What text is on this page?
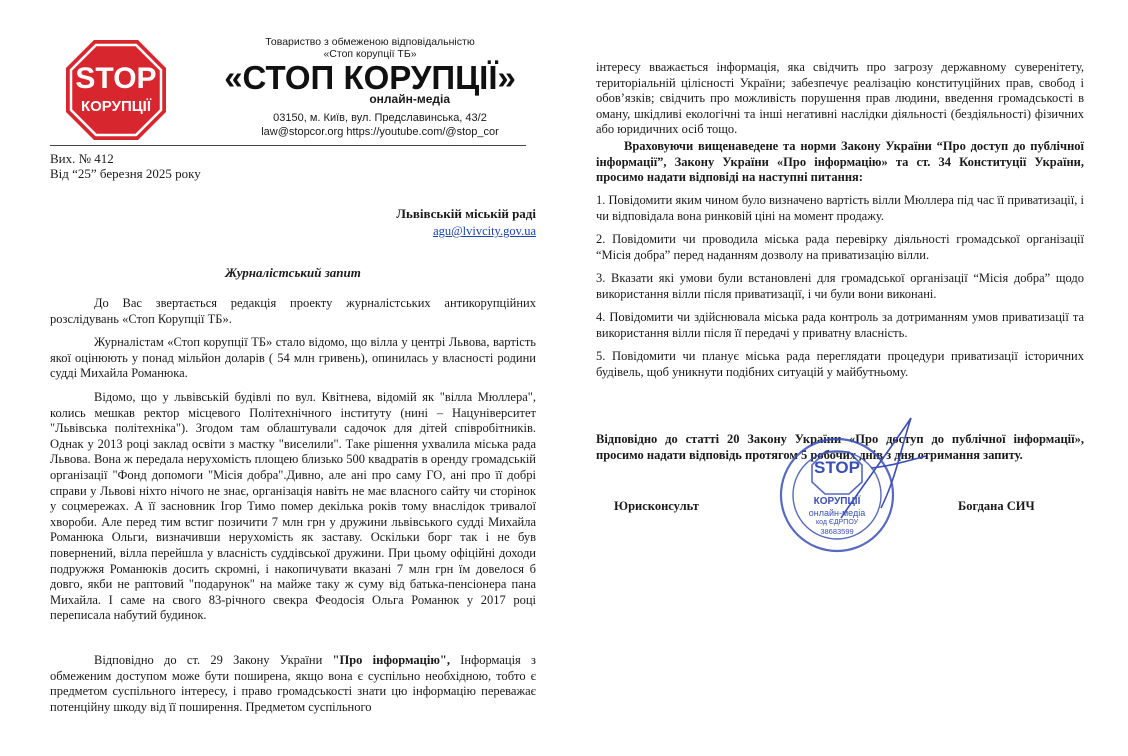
STOP
КОРУПЦІЇ
Товариство з обмеженою відповідальністю
«Стоп корупції ТБ»
«СТОП КОРУПЦІЇ»
онлайн-медіа
03150, м. Київ, вул. Предславинська, 43/2
law@stopcor.org https://youtube.com/@stop_cor
Вих. № 412
Від “25” березня 2025 року
Львівській міській раді
agu@lvivcity.gov.ua
Журналістський запит

До Вас звертається редакція проекту журналістських антикорупційних розслідувань «Стоп Корупції ТБ».

Журналістам «Стоп корупції ТБ» стало відомо, що вілла у центрі Львова, вартість якої оцінюють у понад мільйон доларів ( 54 млн гривень), опинилась у власності родини судді Михайла Романюка.

Відомо, що у львівській будівлі по вул. Квітнева, відомій як "вілла Мюллера", колись мешкав ректор місцевого Політехнічного інституту (нині – Нацуніверситет "Львівська політехніка"). Згодом там облаштували садочок для дітей співробітників. Однак у 2013 році заклад освіти з мастку "виселили". Таке рішення ухвалила міська рада Львова. Вона ж передала нерухомість площею близько 500 квадратів в оренду громадській організації "Фонд допомоги "Місія добра".Дивно, але ані про саму ГО, ані про її добрі справи у Львові ніхто нічого не знає, організація навіть не має власного сайту чи сторінок у соцмережах. А її засновник Ігор Тимо помер декілька років тому внаслідок тривалої хвороби. Але перед тим встиг позичити 7 млн грн у дружини львівського судді Михайла Романюка Ольги, визначивши нерухомість як заставу. Оскільки борг так і не був повернений, вілла перейшла у власність суддівської дружини. При цьому офіційні доходи подружжя Романюків досить скромні, і накопичувати вказані 7 млн грн їм довелося б довго, якби не раптовий "подарунок" на майже таку ж суму від батька-пенсіонера пана Михайла. І саме на свого 83-річного свекра Феодосія Ольга Романюк у 2017 році переписала набутий будинок.

Відповідно до ст. 29 Закону України "Про інформацію", Інформація з обмеженим доступом може бути поширена, якщо вона є суспільно необхідною, тобто є предметом суспільного інтересу, і право громадськості знати цю інформацію переважає потенційну шкоду від її поширення. Предметом суспільного

інтересу вважається інформація, яка свідчить про загрозу державному суверенітету, територіальній цілісності України; забезпечує реалізацію конституційних прав, свобод і обов’язків; свідчить про можливість порушення прав людини, введення громадськості в оману, шкідливі екологічні та інші негативні наслідки діяльності (бездіяльності) фізичних або юридичних осіб тощо.

Враховуючи вищенаведене та норми Закону України “Про доступ до публічної інформації”, Закону України «Про інформацію» та ст. 34 Конституції України, просимо надати відповіді на наступні питання:

1. Повідомити яким чином було визначено вартість вілли Мюллера під час її приватизації, і чи відповідала вона ринковій ціні на момент продажу.

2. Повідомити чи проводила міська рада перевірку діяльності громадської організації “Місія добра” перед наданням дозволу на приватизацію вілли.

3. Вказати які умови були встановлені для громадської організації “Місія добра” щодо використання вілли після приватизації, і чи були вони виконані.

4. Повідомити чи здійснювала міська рада контроль за дотриманням умов приватизації та використання вілли після її передачі у приватну власність.

5. Повідомити чи планує міська рада переглядати процедури приватизації історичних будівель, щоб уникнути подібних ситуацій у майбутньому.

Відповідно до статті 20 Закону України «Про доступ до публічної інформації», просимо надати відповідь протягом 5 робочих днів з дня отримання запиту.

Юрисконсульт
STOP
КОРУПЦІЇ
онлайн-медіа
код ЄДРПОУ
38683599
Богдана СИЧ
